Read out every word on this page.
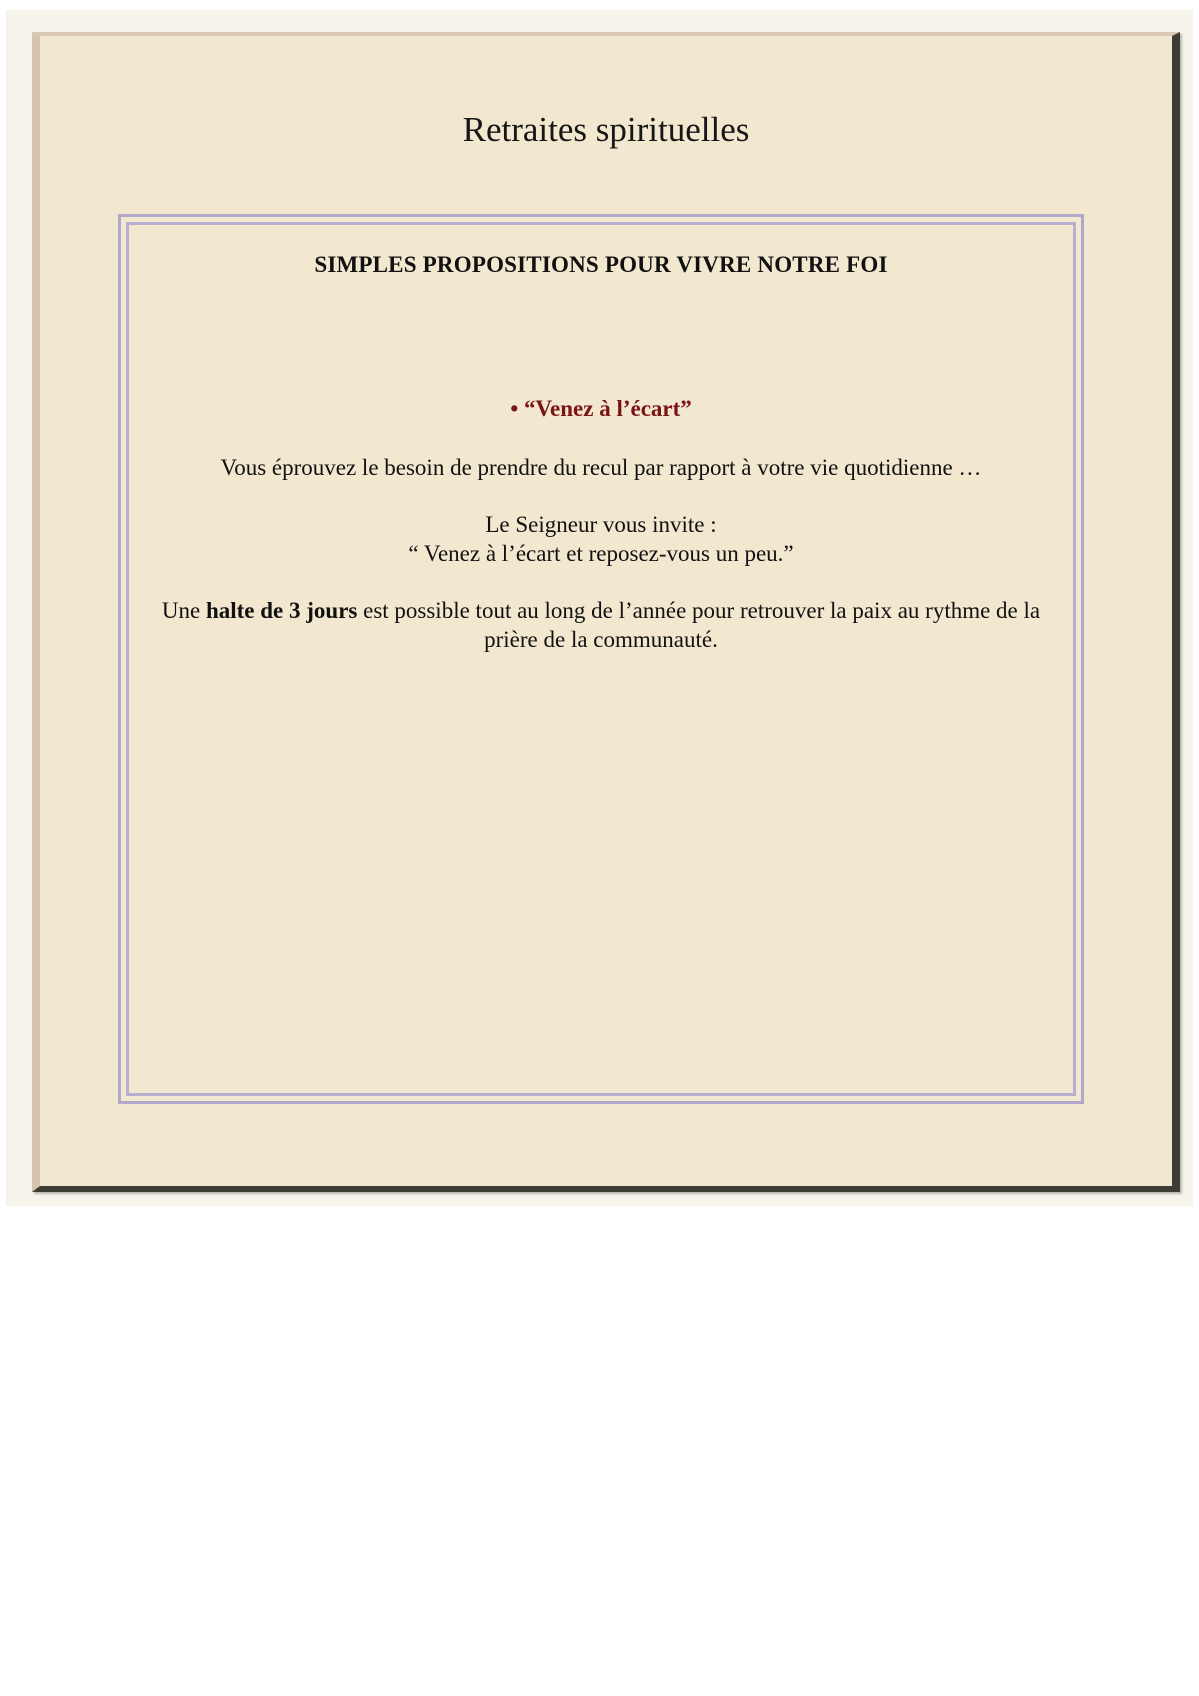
Retraites spirituelles
SIMPLES PROPOSITIONS POUR VIVRE NOTRE FOI
• “Venez à l’écart”

Vous éprouvez le besoin de prendre du recul par rapport à votre vie quotidienne …

Le Seigneur vous invite :
“ Venez à l’écart et reposez-vous un peu.”

Une halte de 3 jours est possible tout au long de l’année pour retrouver la paix au rythme de la prière de la communauté.
